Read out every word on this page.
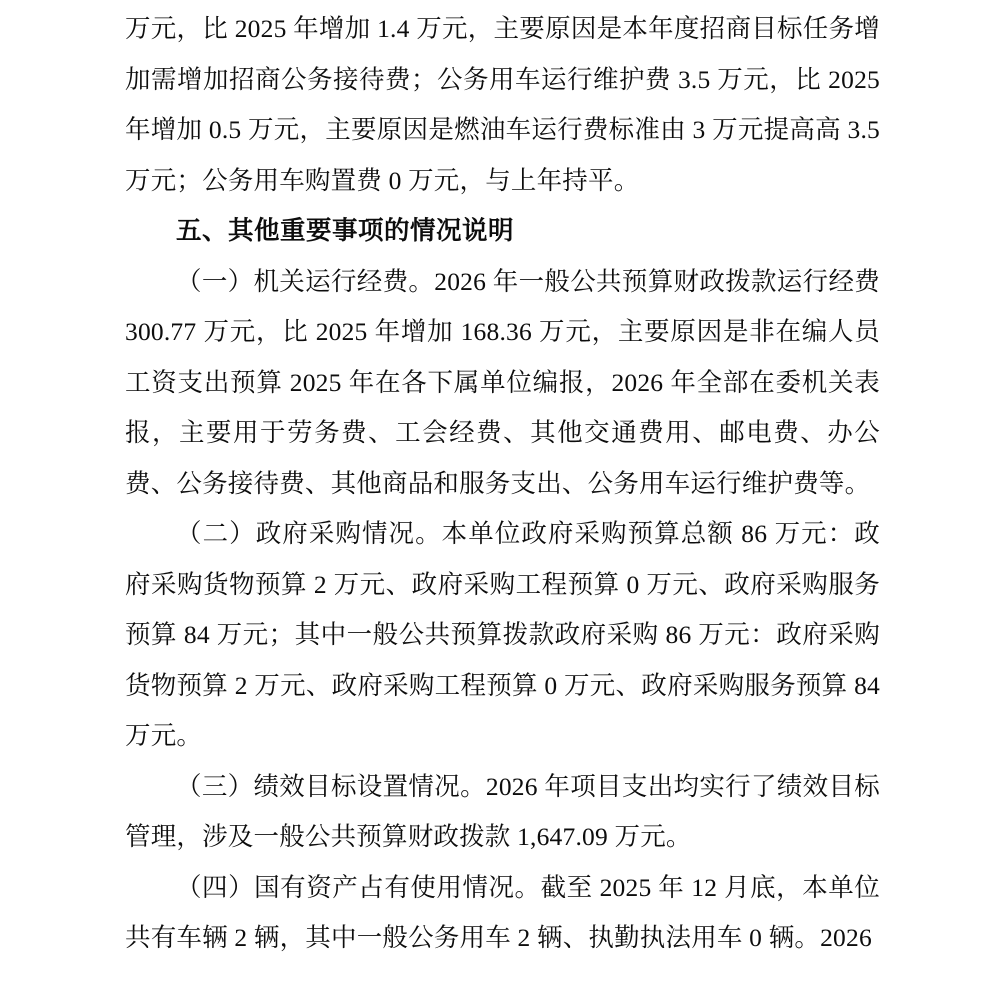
万元，比 2025 年增加 1.4 万元，主要原因是本年度招商目标任务增加需增加招商公务接待费；公务用车运行维护费 3.5 万元，比 2025年增加 0.5 万元，主要原因是燃油车运行费标准由 3 万元提高高 3.5 万元；公务用车购置费 0 万元，与上年持平。

五、其他重要事项的情况说明

（一）机关运行经费。2026 年一般公共预算财政拨款运行经费 300.77 万元，比 2025 年增加 168.36 万元，主要原因是非在编人员工资支出预算 2025 年在各下属单位编报，2026 年全部在委机关表报，主要用于劳务费、工会经费、其他交通费用、邮电费、办公费、公务接待费、其他商品和服务支出、公务用车运行维护费等。

（二）政府采购情况。本单位政府采购预算总额 86 万元：政府采购货物预算 2 万元、政府采购工程预算 0 万元、政府采购服务预算 84 万元；其中一般公共预算拨款政府采购 86 万元：政府采购货物预算 2 万元、政府采购工程预算 0 万元、政府采购服务预算 84 万元。

（三）绩效目标设置情况。2026 年项目支出均实行了绩效目标管理，涉及一般公共预算财政拨款 1,647.09 万元。

（四）国有资产占有使用情况。截至 2025 年 12 月底，本单位共有车辆 2 辆，其中一般公务用车 2 辆、执勤执法用车 0 辆。2026
